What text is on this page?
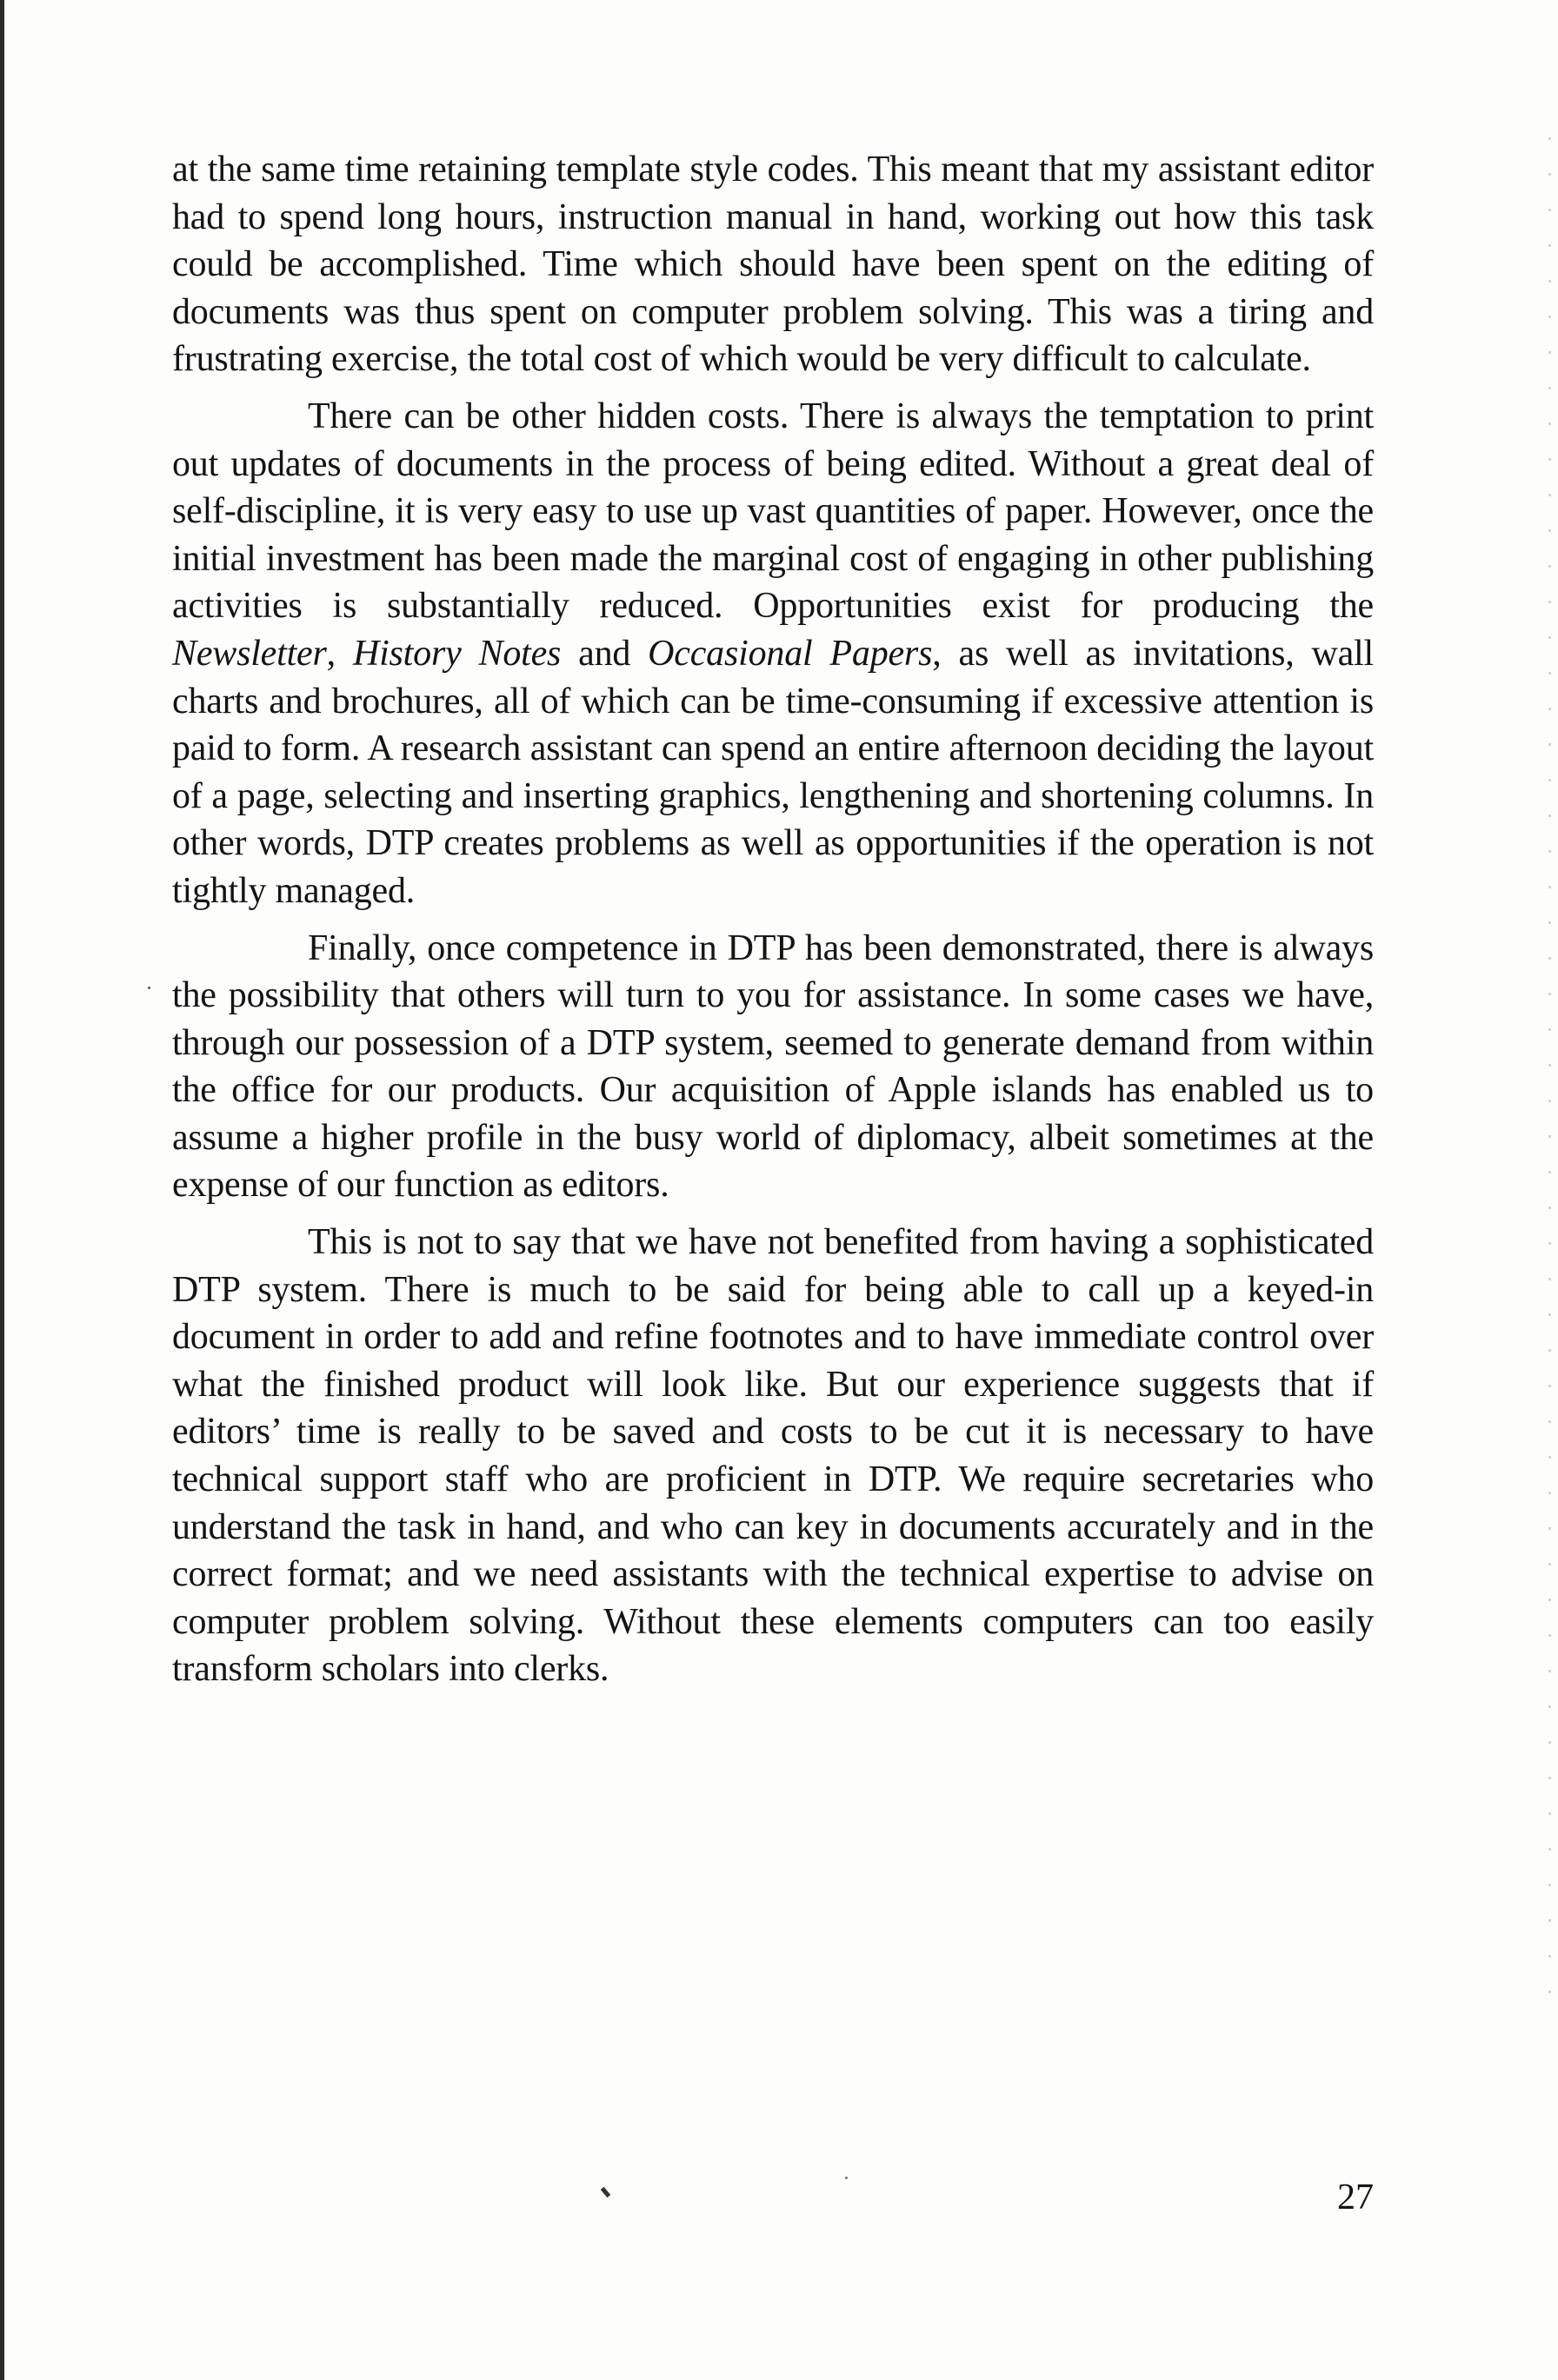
at the same time retaining template style codes. This meant that my assistant editor had to spend long hours, instruction manual in hand, working out how this task could be accomplished. Time which should have been spent on the editing of documents was thus spent on computer problem solving. This was a tiring and frustrating exercise, the total cost of which would be very difficult to calculate.

There can be other hidden costs. There is always the temptation to print out updates of documents in the process of being edited. Without a great deal of self-discipline, it is very easy to use up vast quantities of paper. However, once the initial investment has been made the marginal cost of engaging in other publishing activities is substantially reduced. Opportunities exist for producing the Newsletter, History Notes and Occasional Papers, as well as invitations, wall charts and brochures, all of which can be time-consuming if excessive attention is paid to form. A research assistant can spend an entire afternoon deciding the layout of a page, selecting and inserting graphics, lengthening and shortening columns. In other words, DTP creates problems as well as opportunities if the operation is not tightly managed.

Finally, once competence in DTP has been demonstrated, there is always the possibility that others will turn to you for assistance. In some cases we have, through our possession of a DTP system, seemed to generate demand from within the office for our products. Our acquisition of Apple islands has enabled us to assume a higher profile in the busy world of diplomacy, albeit sometimes at the expense of our function as editors.

This is not to say that we have not benefited from having a sophisticated DTP system. There is much to be said for being able to call up a keyed-in document in order to add and refine footnotes and to have immediate control over what the finished product will look like. But our experience suggests that if editors’ time is really to be saved and costs to be cut it is necessary to have technical support staff who are proficient in DTP. We require secretaries who understand the task in hand, and who can key in documents accurately and in the correct format; and we need assistants with the technical expertise to advise on computer problem solving. Without these elements computers can too easily transform scholars into clerks.

27
